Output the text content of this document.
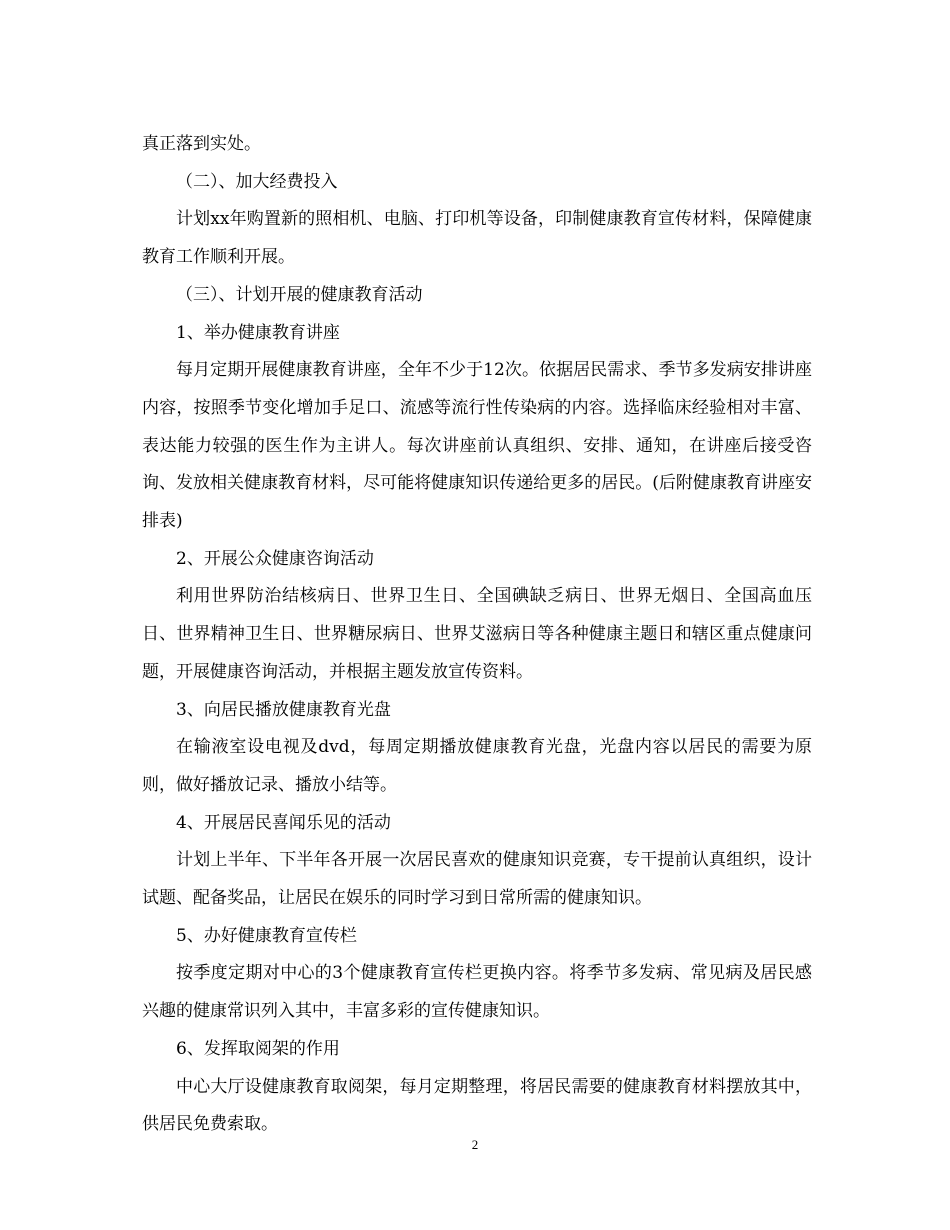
真正落到实处。

（二）、加大经费投入

计划xx年购置新的照相机、电脑、打印机等设备，印制健康教育宣传材料，保障健康教育工作顺利开展。

（三）、计划开展的健康教育活动

1、举办健康教育讲座

每月定期开展健康教育讲座，全年不少于12次。依据居民需求、季节多发病安排讲座内容，按照季节变化增加手足口、流感等流行性传染病的内容。选择临床经验相对丰富、表达能力较强的医生作为主讲人。每次讲座前认真组织、安排、通知，在讲座后接受咨询、发放相关健康教育材料，尽可能将健康知识传递给更多的居民。(后附健康教育讲座安排表)

2、开展公众健康咨询活动

利用世界防治结核病日、世界卫生日、全国碘缺乏病日、世界无烟日、全国高血压日、世界精神卫生日、世界糖尿病日、世界艾滋病日等各种健康主题日和辖区重点健康问题，开展健康咨询活动，并根据主题发放宣传资料。

3、向居民播放健康教育光盘

在输液室设电视及dvd，每周定期播放健康教育光盘，光盘内容以居民的需要为原则，做好播放记录、播放小结等。

4、开展居民喜闻乐见的活动

计划上半年、下半年各开展一次居民喜欢的健康知识竞赛，专干提前认真组织，设计试题、配备奖品，让居民在娱乐的同时学习到日常所需的健康知识。

5、办好健康教育宣传栏

按季度定期对中心的3个健康教育宣传栏更换内容。将季节多发病、常见病及居民感兴趣的健康常识列入其中，丰富多彩的宣传健康知识。

6、发挥取阅架的作用

中心大厅设健康教育取阅架，每月定期整理，将居民需要的健康教育材料摆放其中，供居民免费索取。

2
